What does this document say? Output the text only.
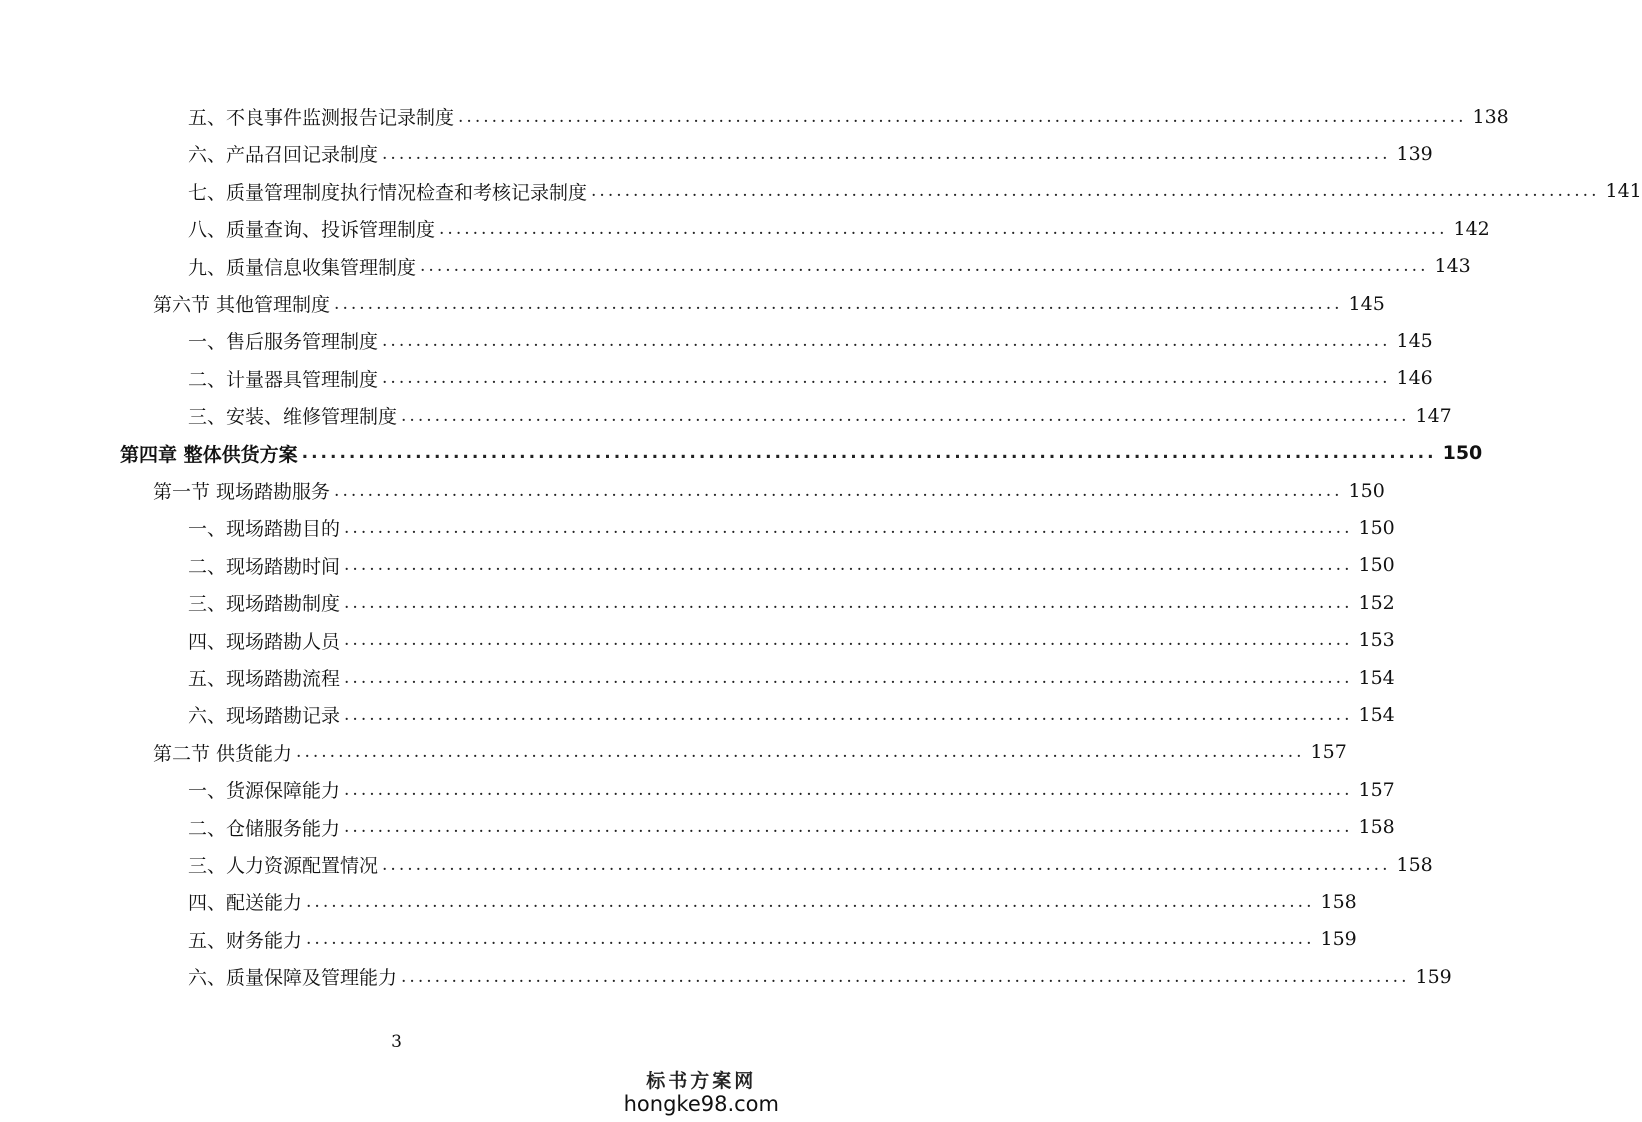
五、不良事件监测报告记录制度 ........................................................................................................................ 138
六、产品召回记录制度 ........................................................................................................................ 139
七、质量管理制度执行情况检查和考核记录制度 ........................................................................................................................ 141
八、质量查询、投诉管理制度 ........................................................................................................................ 142
九、质量信息收集管理制度 ........................................................................................................................ 143
第六节 其他管理制度 ........................................................................................................................ 145
一、售后服务管理制度 ........................................................................................................................ 145
二、计量器具管理制度 ........................................................................................................................ 146
三、安装、维修管理制度 ........................................................................................................................ 147
第四章 整体供货方案 ........................................................................................................................ 150
第一节 现场踏勘服务 ........................................................................................................................ 150
一、现场踏勘目的 ........................................................................................................................ 150
二、现场踏勘时间 ........................................................................................................................ 150
三、现场踏勘制度 ........................................................................................................................ 152
四、现场踏勘人员 ........................................................................................................................ 153
五、现场踏勘流程 ........................................................................................................................ 154
六、现场踏勘记录 ........................................................................................................................ 154
第二节 供货能力 ........................................................................................................................ 157
一、货源保障能力 ........................................................................................................................ 157
二、仓储服务能力 ........................................................................................................................ 158
三、人力资源配置情况 ........................................................................................................................ 158
四、配送能力 ........................................................................................................................ 158
五、财务能力 ........................................................................................................................ 159
六、质量保障及管理能力 ........................................................................................................................ 159
3
标书方案网
hongke98.com
